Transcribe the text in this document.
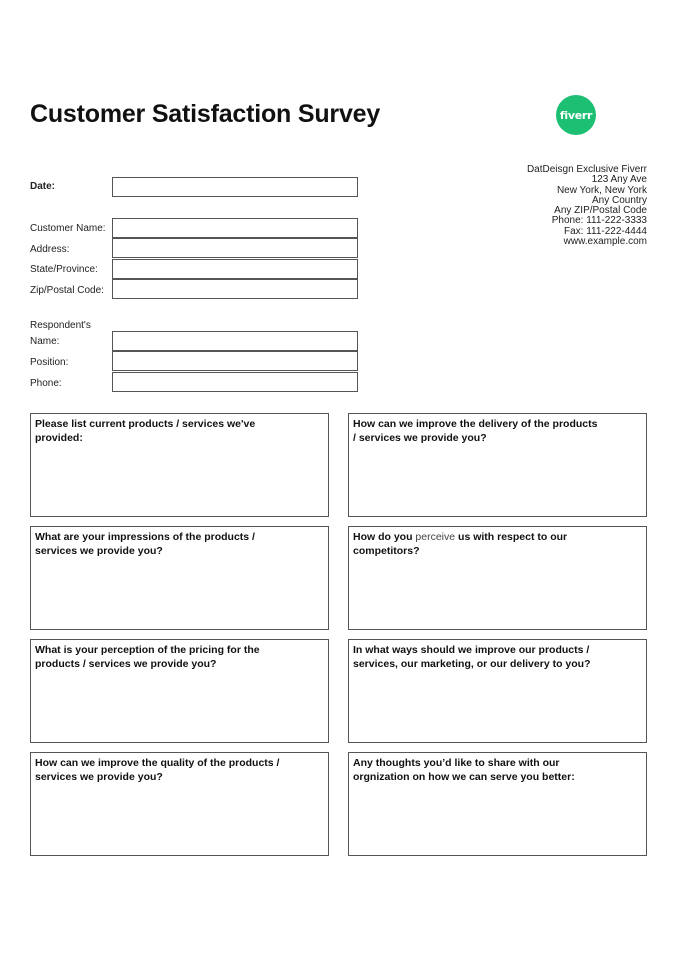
Customer Satisfaction Survey	fiverr
DatDeisgn Exclusive Fiverr
123 Any Ave
New York, New York
Any Country
Any ZIP/Postal Code
Phone: 111-222-3333
Fax: 111-222-4444
www.example.com
Date:
Customer Name:
Address:
State/Province:
Zip/Postal Code:
Respondent's
Name:
Position:
Phone:
Please list current products / services we've provided:
How can we improve the delivery of the products / services we provide you?
What are your impressions of the products / services we provide you?
How do you perceive us with respect to our competitors?
What is your perception of the pricing for the products / services we provide you?
In what ways should we improve our products / services, our marketing, or our delivery to you?
How can we improve the quality of the products / services we provide you?
Any thoughts you’d like to share with our orgnization on how we can serve you better:
